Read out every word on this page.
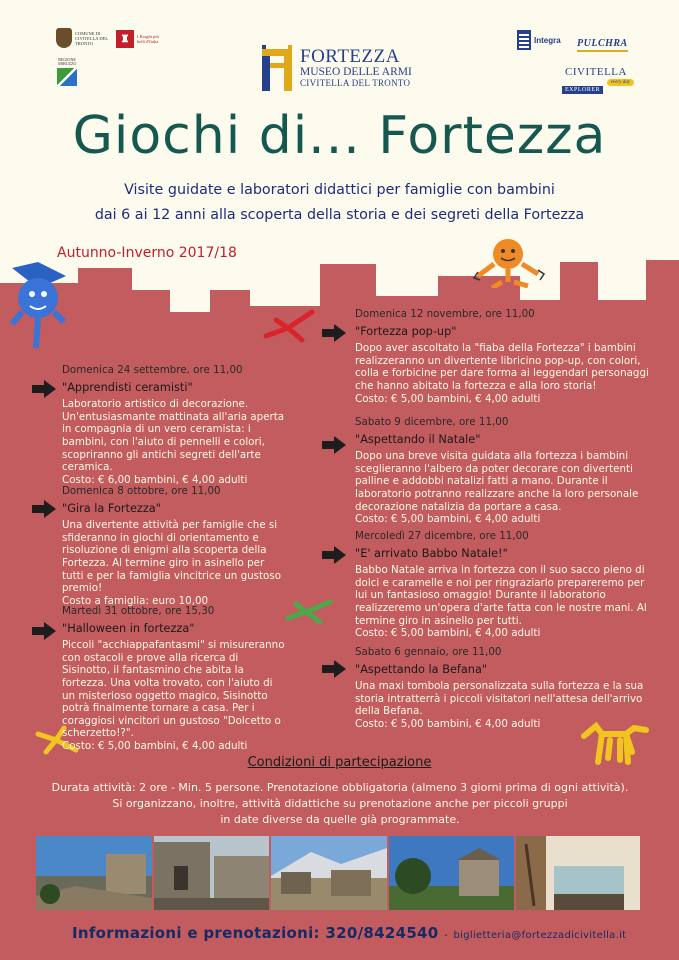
COMUNE DI CIVITELLA DEL TRONTO	♜	I Borghi più belli d'Italia
REGIONE ABRUZZO	FORTEZZA
MUSEO DELLE ARMI
CIVITELLA DEL TRONTO
Integra PULCHRA
CIVITELLA
EXPLORER
every day
Giochi di... Fortezza
Visite guidate e laboratori didattici per famiglie con bambini
dai 6 ai 12 anni alla scoperta della storia e dei segreti della Fortezza
Autunno-Inverno 2017/18
Domenica 24 settembre, ore 11,00
"Apprendisti ceramisti"
Laboratorio artistico di decorazione. Un'entusiasmante mattinata all'aria aperta in compagnia di un vero ceramista: i bambini, con l'aiuto di pennelli e colori, scopriranno gli antichi segreti dell'arte ceramica.
Costo: € 6,00 bambini, € 4,00 adulti
Domenica 8 ottobre, ore 11,00
"Gira la Fortezza"
Una divertente attività per famiglie che si sfideranno in giochi di orientamento e risoluzione di enigmi alla scoperta della Fortezza. Al termine giro in asinello per tutti e per la famiglia vincitrice un gustoso premio!
Costo a famiglia: euro 10,00
Martedì 31 ottobre, ore 15,30
"Halloween in fortezza"
Piccoli "acchiappafantasmi" si misureranno con ostacoli e prove alla ricerca di Sisinotto, il fantasmino che abita la fortezza. Una volta trovato, con l'aiuto di un misterioso oggetto magico, Sisinotto potrà finalmente tornare a casa. Per i coraggiosi vincitori un gustoso "Dolcetto o scherzetto!?".
Costo: € 5,00 bambini, € 4,00 adulti
Domenica 12 novembre, ore 11,00
"Fortezza pop-up"
Dopo aver ascoltato la "fiaba della Fortezza" i bambini realizzeranno un divertente libricino pop-up, con colori, colla e forbicine per dare forma ai leggendari personaggi che hanno abitato la fortezza e alla loro storia!
Costo: € 5,00 bambini, € 4,00 adulti
Sabato 9 dicembre, ore 11,00
"Aspettando il Natale"
Dopo una breve visita guidata alla fortezza i bambini sceglieranno l'albero da poter decorare con divertenti palline e addobbi natalizi fatti a mano. Durante il laboratorio potranno realizzare anche la loro personale decorazione natalizia da portare a casa.
Costo: € 5,00 bambini, € 4,00 adulti
Mercoledì 27 dicembre, ore 11,00
"E' arrivato Babbo Natale!"
Babbo Natale arriva in fortezza con il suo sacco pieno di dolci e caramelle e noi per ringraziarlo prepareremo per lui un fantasioso omaggio! Durante il laboratorio realizzeremo un'opera d'arte fatta con le nostre mani. Al termine giro in asinello per tutti.
Costo: € 5,00 bambini, € 4,00 adulti
Sabato 6 gennaio, ore 11,00
"Aspettando la Befana"
Una maxi tombola personalizzata sulla fortezza e la sua storia intratterrà i piccoli visitatori nell'attesa dell'arrivo della Befana.
Costo: € 5,00 bambini, € 4,00 adulti
Condizioni di partecipazione
Durata attività: 2 ore - Min. 5 persone. Prenotazione obbligatoria (almeno 3 giorni prima di ogni attività).
Si organizzano, inoltre, attività didattiche su prenotazione anche per piccoli gruppi
in date diverse da quelle già programmate.
Informazioni e prenotazioni: 320/8424540 - biglietteria@fortezzadicivitella.it
